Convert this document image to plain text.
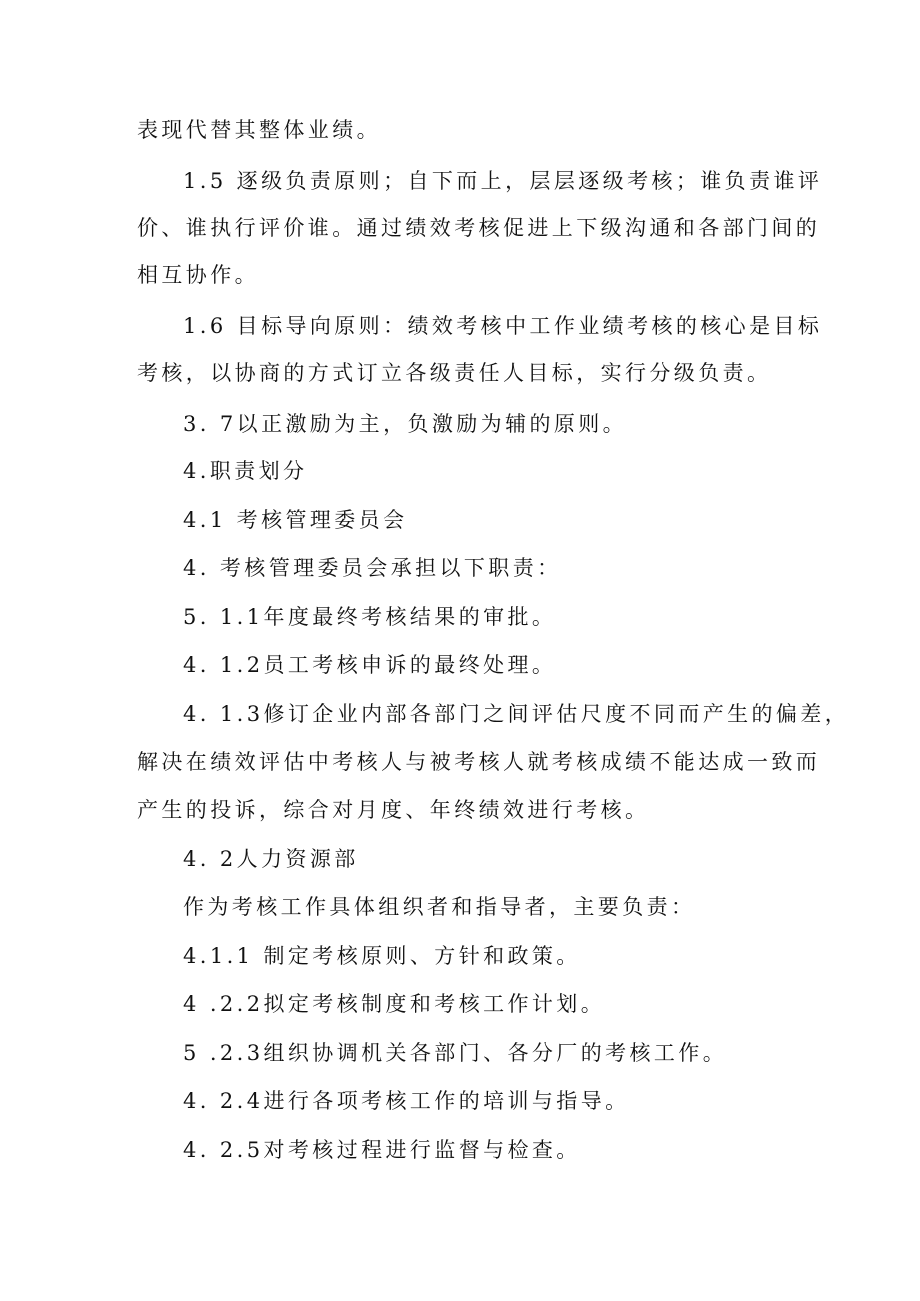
表现代替其整体业绩。
1.5 逐级负责原则；自下而上，层层逐级考核；谁负责谁评
价、谁执行评价谁。通过绩效考核促进上下级沟通和各部门间的
相互协作。
1.6 目标导向原则：绩效考核中工作业绩考核的核心是目标
考核，以协商的方式订立各级责任人目标，实行分级负责。
3. 7以正激励为主，负激励为辅的原则。
4.职责划分
4.1 考核管理委员会
4. 考核管理委员会承担以下职责：
5. 1.1年度最终考核结果的审批。
4. 1.2员工考核申诉的最终处理。
4. 1.3修订企业内部各部门之间评估尺度不同而产生的偏差，
解决在绩效评估中考核人与被考核人就考核成绩不能达成一致而
产生的投诉，综合对月度、年终绩效进行考核。
4. 2人力资源部
作为考核工作具体组织者和指导者，主要负责：
4.1.1 制定考核原则、方针和政策。
4 .2.2拟定考核制度和考核工作计划。
5 .2.3组织协调机关各部门、各分厂的考核工作。
4. 2.4进行各项考核工作的培训与指导。
4. 2.5对考核过程进行监督与检查。
